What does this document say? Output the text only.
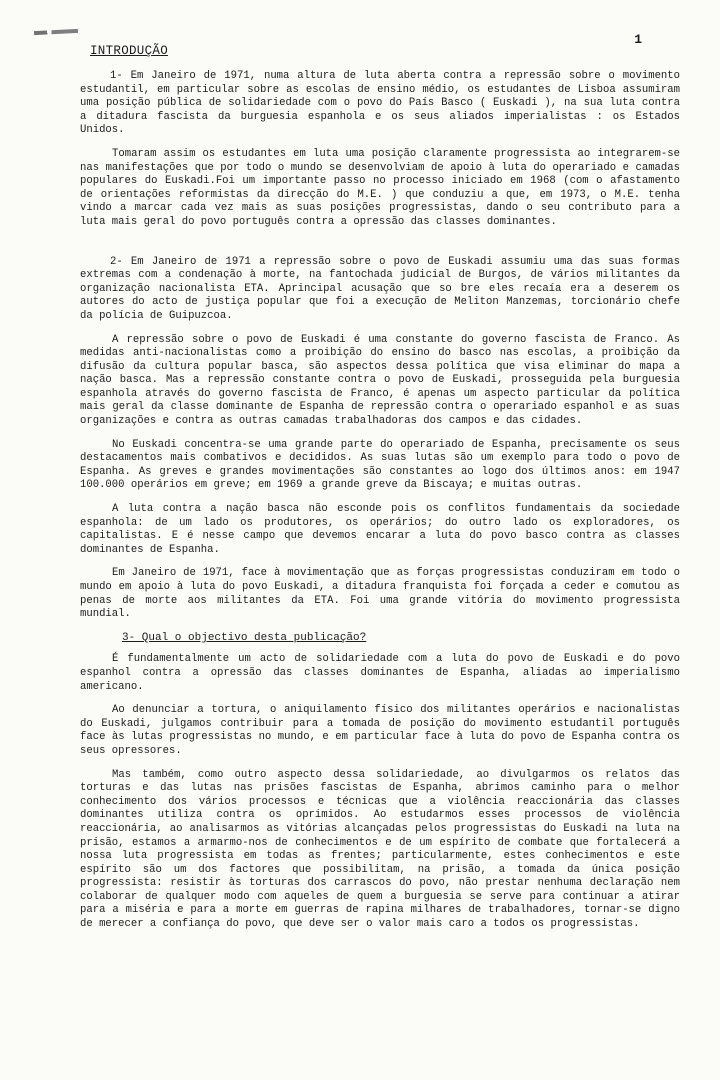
1
INTRODUÇÃO

1- Em Janeiro de 1971, numa altura de luta aberta contra a repressão sobre o movimento estudantil, em particular sobre as escolas de ensino médio, os estudantes de Lisboa assumiram uma posição pública de solidariedade com o povo do País Basco ( Euskadi ), na sua luta contra a ditadura fascista da burguesia espanhola e os seus aliados imperialistas : os Estados Unidos.

Tomaram assim os estudantes em luta uma posição claramente progressista ao integrarem-se nas manifestações que por todo o mundo se desenvolviam de apoio à luta do operariado e camadas populares do Euskadi.Foi um importante passo no processo iniciado em 1968 (com o afastamento de orientações reformistas da direcção do M.E. ) que conduziu a que, em 1973, o M.E. tenha vindo a marcar cada vez mais as suas posições progressistas, dando o seu contributo para a luta mais geral do povo português contra a opressão das classes dominantes.

2- Em Janeiro de 1971 a repressão sobre o povo de Euskadi assumiu uma das suas formas extremas com a condenação à morte, na fantochada judicial de Burgos, de vários militantes da organização nacionalista ETA. Aprincipal acusação que so bre eles recaía era a deserem os autores do acto de justiça popular que foi a execução de Meliton Manzemas, torcionário chefe da polícia de Guipuzcoa.

A repressão sobre o povo de Euskadi é uma constante do governo fascista de Franco. As medidas anti-nacionalistas como a proibição do ensino do basco nas escolas, a proibição da difusão da cultura popular basca, são aspectos dessa política que visa eliminar do mapa a nação basca. Mas a repressão constante contra o povo de Euskadi, prosseguida pela burguesia espanhola através do governo fascista de Franco, é apenas um aspecto particular da política mais geral da classe dominante de Espanha de repressão contra o operariado espanhol e as suas organizações e contra as outras camadas trabalhadoras dos campos e das cidades.

No Euskadi concentra-se uma grande parte do operariado de Espanha, precisamente os seus destacamentos mais combativos e decididos. As suas lutas são um exemplo para todo o povo de Espanha. As greves e grandes movimentações são constantes ao logo dos últimos anos: em 1947 100.000 operários em greve; em 1969 a grande greve da Biscaya; e muitas outras.

A luta contra a nação basca não esconde pois os conflitos fundamentais da sociedade espanhola: de um lado os produtores, os operários; do outro lado os exploradores, os capitalistas. E é nesse campo que devemos encarar a luta do povo basco contra as classes dominantes de Espanha.

Em Janeiro de 1971, face à movimentação que as forças progressistas conduziram em todo o mundo em apoio à luta do povo Euskadi, a ditadura franquista foi forçada a ceder e comutou as penas de morte aos militantes da ETA. Foi uma grande vitória do movimento progressista mundial.

3- Qual o objectivo desta publicação?

É fundamentalmente um acto de solidariedade com a luta do povo de Euskadi e do povo espanhol contra a opressão das classes dominantes de Espanha, aliadas ao imperialismo americano.

Ao denunciar a tortura, o aniquilamento físico dos militantes operários e nacionalistas do Euskadi, julgamos contribuir para a tomada de posição do movimento estudantil português face às lutas progressistas no mundo, e em particular face à luta do povo de Espanha contra os seus opressores.

Mas também, como outro aspecto dessa solidariedade, ao divulgarmos os relatos das torturas e das lutas nas prisões fascistas de Espanha, abrimos caminho para o melhor conhecimento dos vários processos e técnicas que a violência reaccionária das classes dominantes utiliza contra os oprimidos. Ao estudarmos esses processos de violência reaccionária, ao analisarmos as vitórias alcançadas pelos progressistas do Euskadi na luta na prisão, estamos a armarmo-nos de conhecimentos e de um espírito de combate que fortalecerá a nossa luta progressista em todas as frentes; particularmente, estes conhecimentos e este espírito são um dos factores que possibilitam, na prisão, a tomada da única posição progressista: resistir às torturas dos carrascos do povo, não prestar nenhuma declaração nem colaborar de qualquer modo com aqueles de quem a burguesia se serve para continuar a atirar para a miséria e para a morte em guerras de rapina milhares de trabalhadores, tornar-se digno de merecer a confiança do povo, que deve ser o valor mais caro a todos os progressistas.
